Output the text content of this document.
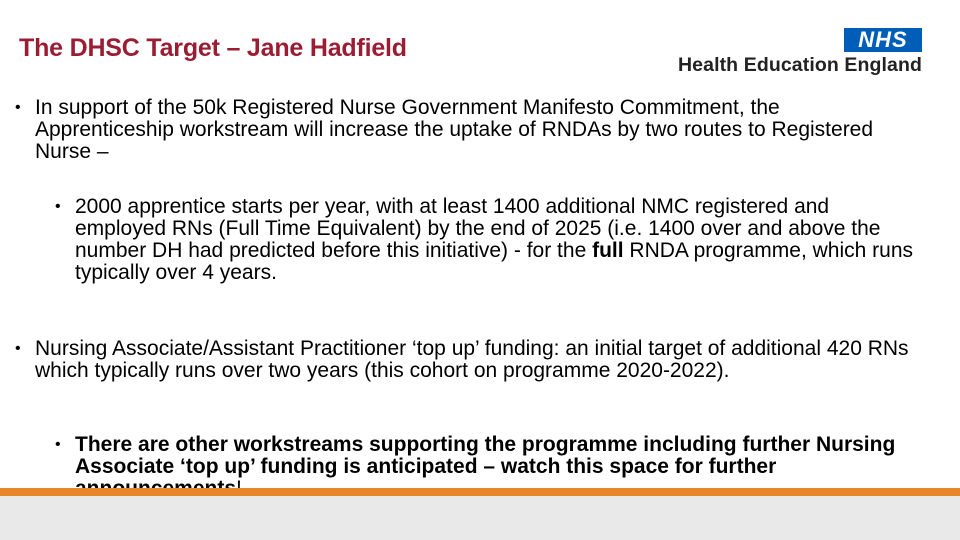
The DHSC Target – Jane Hadfield	NHS
Health Education England
• In support of the 50k Registered Nurse Government Manifesto Commitment, the Apprenticeship workstream will increase the uptake of RNDAs by two routes to Registered Nurse –
• 2000 apprentice starts per year, with at least 1400 additional NMC registered and employed RNs (Full Time Equivalent) by the end of 2025 (i.e. 1400 over and above the number DH had predicted before this initiative) - for the full RNDA programme, which runs typically over 4 years.
• Nursing Associate/Assistant Practitioner ‘top up’ funding: an initial target of additional 420 RNs which typically runs over two years (this cohort on programme 2020-2022).
• There are other workstreams supporting the programme including further Nursing Associate ‘top up’ funding is anticipated – watch this space for further
